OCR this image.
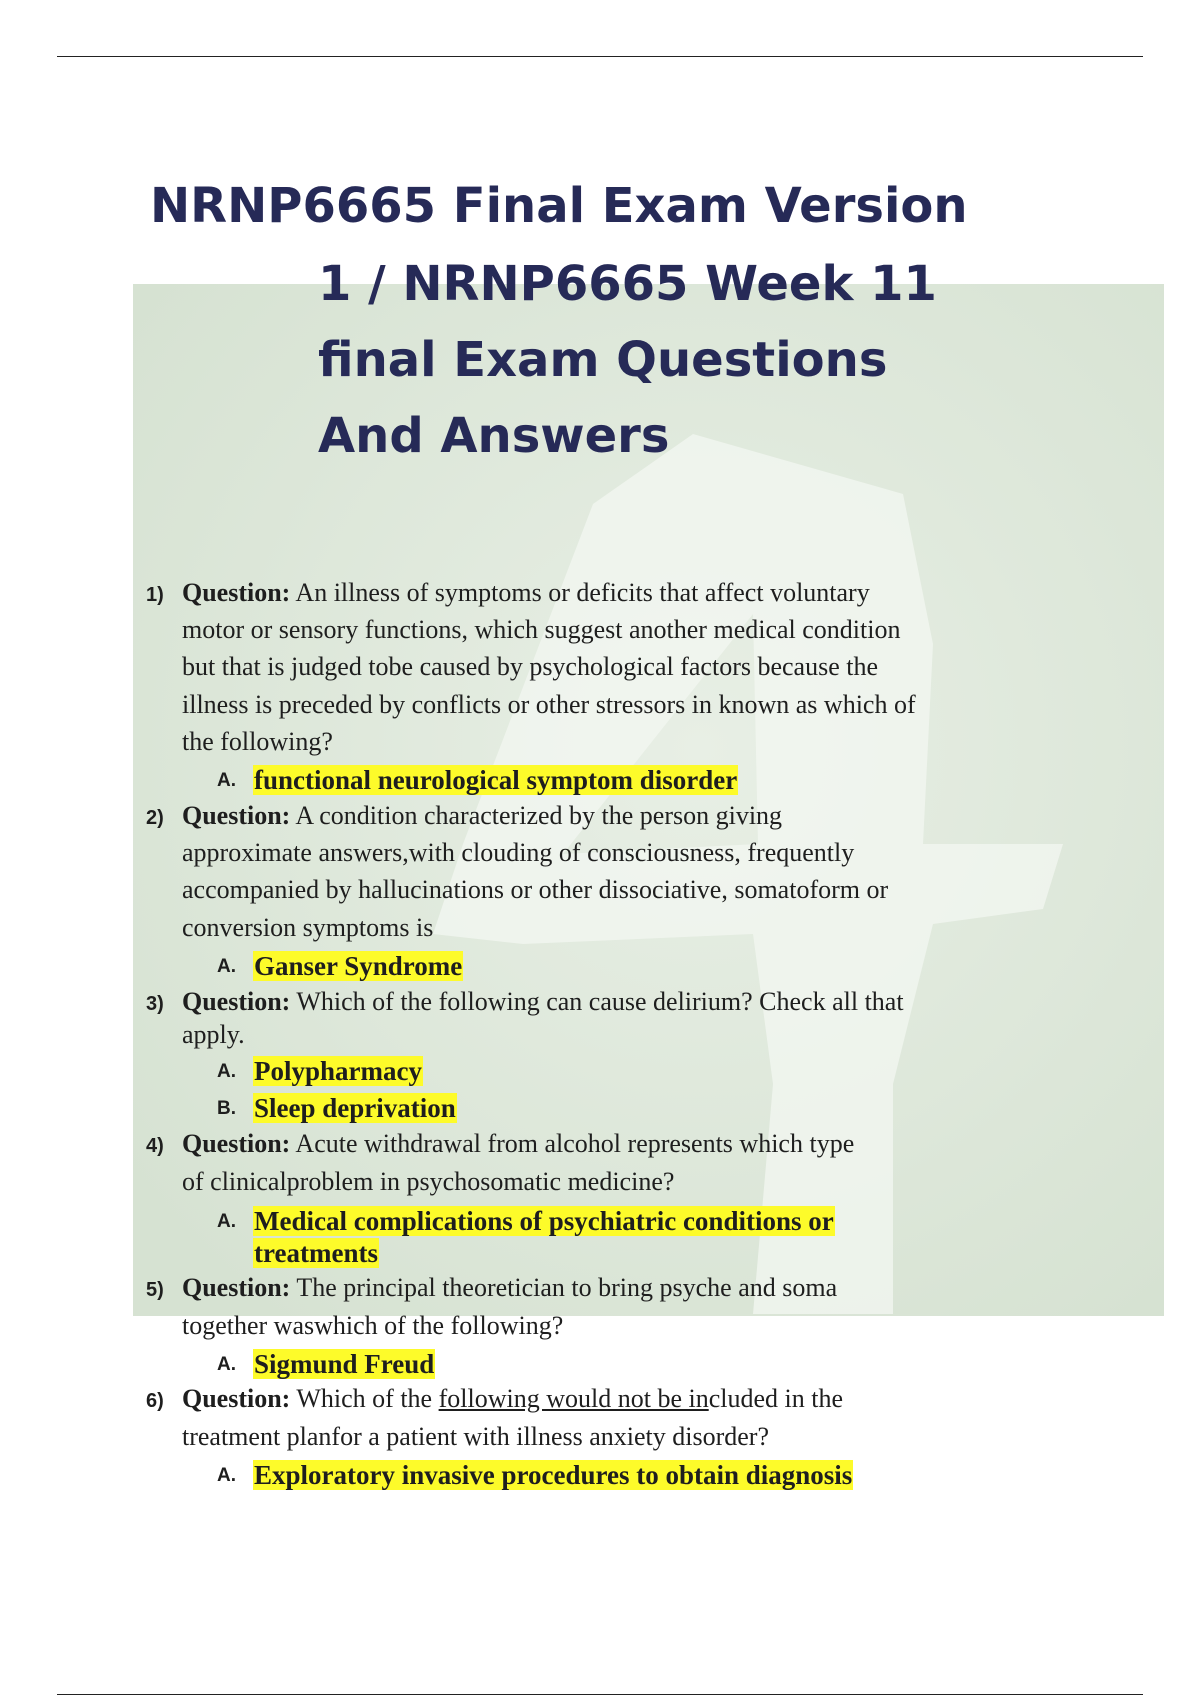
NRNP6665 Final Exam Version
1 / NRNP6665 Week 11
final Exam Questions
And Answers
1) Question: An illness of symptoms or deficits that affect voluntary
motor or sensory functions, which suggest another medical condition
but that is judged tobe caused by psychological factors because the
illness is preceded by conflicts or other stressors in known as which of
the following?
A. functional neurological symptom disorder
2) Question: A condition characterized by the person giving
approximate answers,with clouding of consciousness, frequently
accompanied by hallucinations or other dissociative, somatoform or
conversion symptoms is
A. Ganser Syndrome
3) Question: Which of the following can cause delirium? Check all that
apply.
A. Polypharmacy
B. Sleep deprivation
4) Question: Acute withdrawal from alcohol represents which type
of clinicalproblem in psychosomatic medicine?
A. Medical complications of psychiatric conditions or
treatments
5) Question: The principal theoretician to bring psyche and soma
together waswhich of the following?
A. Sigmund Freud
6) Question: Which of the following would not be included in the
treatment planfor a patient with illness anxiety disorder?
A. Exploratory invasive procedures to obtain diagnosis
